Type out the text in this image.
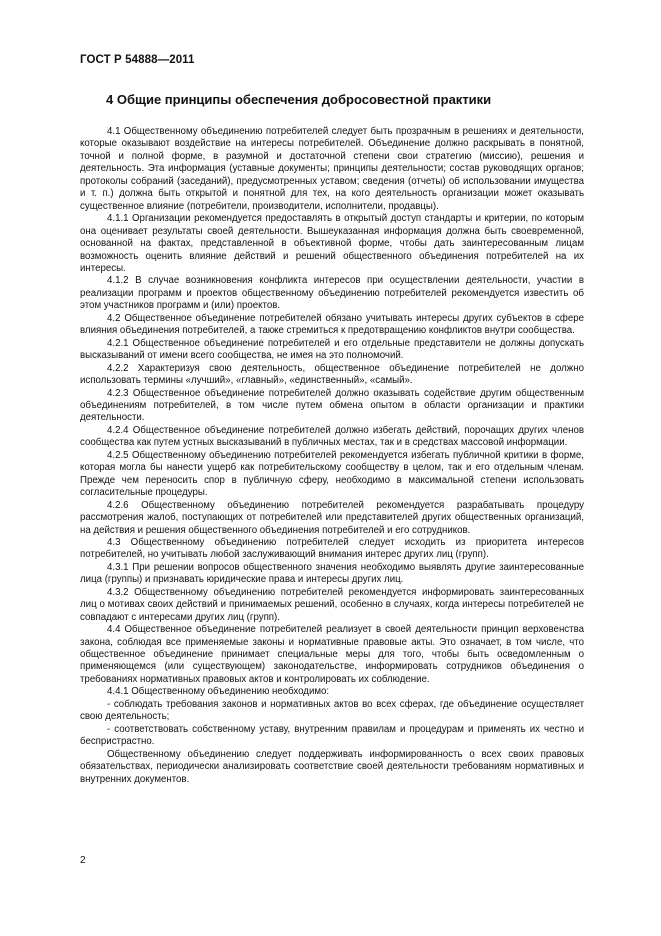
ГОСТ Р 54888—2011
4 Общие принципы обеспечения добросовестной практики

4.1 Общественному объединению потребителей следует быть прозрачным в решениях и деятельности, которые оказывают воздействие на интересы потребителей. Объединение должно раскрывать в понятной, точной и полной форме, в разумной и достаточной степени свои стратегию (миссию), решения и деятельность. Эта информация (уставные документы; принципы деятельности; состав руководящих органов; протоколы собраний (заседаний), предусмотренных уставом; сведения (отчеты) об использовании имущества и т. п.) должна быть открытой и понятной для тех, на кого деятельность организации может оказывать существенное влияние (потребители, производители, исполнители, продавцы).

4.1.1 Организации рекомендуется предоставлять в открытый доступ стандарты и критерии, по которым она оценивает результаты своей деятельности. Вышеуказанная информация должна быть своевременной, основанной на фактах, представленной в объективной форме, чтобы дать заинтересованным лицам возможность оценить влияние действий и решений общественного объединения потребителей на их интересы.

4.1.2 В случае возникновения конфликта интересов при осуществлении деятельности, участии в реализации программ и проектов общественному объединению потребителей рекомендуется известить об этом участников программ и (или) проектов.

4.2 Общественное объединение потребителей обязано учитывать интересы других субъектов в сфере влияния объединения потребителей, а также стремиться к предотвращению конфликтов внутри сообщества.

4.2.1 Общественное объединение потребителей и его отдельные представители не должны допускать высказываний от имени всего сообщества, не имея на это полномочий.

4.2.2 Характеризуя свою деятельность, общественное объединение потребителей не должно использовать термины «лучший», «главный», «единственный», «самый».

4.2.3 Общественное объединение потребителей должно оказывать содействие другим общественным объединениям потребителей, в том числе путем обмена опытом в области организации и практики деятельности.

4.2.4 Общественное объединение потребителей должно избегать действий, порочащих других членов сообщества как путем устных высказываний в публичных местах, так и в средствах массовой информации.

4.2.5 Общественному объединению потребителей рекомендуется избегать публичной критики в форме, которая могла бы нанести ущерб как потребительскому сообществу в целом, так и его отдельным членам. Прежде чем переносить спор в публичную сферу, необходимо в максимальной степени использовать согласительные процедуры.

4.2.6 Общественному объединению потребителей рекомендуется разрабатывать процедуру рассмотрения жалоб, поступающих от потребителей или представителей других общественных организаций, на действия и решения общественного объединения потребителей и его сотрудников.

4.3 Общественному объединению потребителей следует исходить из приоритета интересов потребителей, но учитывать любой заслуживающий внимания интерес других лиц (групп).

4.3.1 При решении вопросов общественного значения необходимо выявлять другие заинтересованные лица (группы) и признавать юридические права и интересы других лиц.

4.3.2 Общественному объединению потребителей рекомендуется информировать заинтересованных лиц о мотивах своих действий и принимаемых решений, особенно в случаях, когда интересы потребителей не совпадают с интересами других лиц (групп).

4.4 Общественное объединение потребителей реализует в своей деятельности принцип верховенства закона, соблюдая все применяемые законы и нормативные правовые акты. Это означает, в том числе, что общественное объединение принимает специальные меры для того, чтобы быть осведомленным о применяющемся (или существующем) законодательстве, информировать сотрудников объединения о требованиях нормативных правовых актов и контролировать их соблюдение.

4.4.1 Общественному объединению необходимо:

- соблюдать требования законов и нормативных актов во всех сферах, где объединение осуществляет свою деятельность;

- соответствовать собственному уставу, внутренним правилам и процедурам и применять их честно и беспристрастно.

Общественному объединению следует поддерживать информированность о всех своих правовых обязательствах, периодически анализировать соответствие своей деятельности требованиям нормативных и внутренних документов.

2
